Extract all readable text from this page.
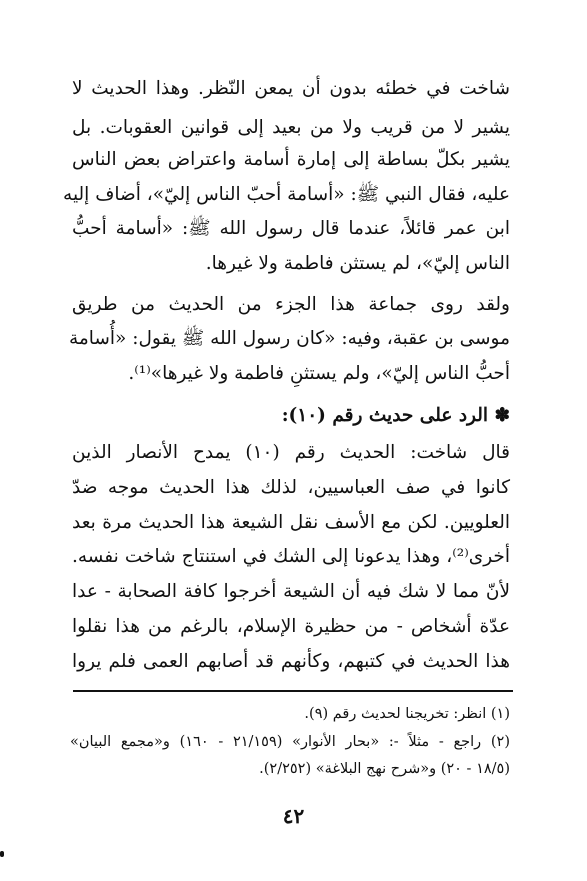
شاخت في خطئه بدون أن يمعن النّظر. وهذا الحديث لا
يشير لا من قريب ولا من بعيد إلى قوانين العقوبات. بل
يشير بكلّ بساطة إلى إمارة أسامة واعتراض بعض الناس
عليه، فقال النبي ﷺ: «أسامة أحبّ الناس إليّ»، أضاف إليه
ابن عمر قائلاً، عندما قال رسول الله ﷺ: «أسامة أحبُّ
الناس إليّ»، لم يستثن فاطمة ولا غيرها.
ولقد روى جماعة هذا الجزء من الحديث من طريق
موسى بن عقبة، وفيه: «كان رسول الله ﷺ يقول: «أُسامة
أحبُّ الناس إليّ»، ولم يستثنِ فاطمة ولا غيرها»⁽¹⁾.
✽ الرد على حديث رقم (١٠):
قال شاخت: الحديث رقم (١٠) يمدح الأنصار الذين
كانوا في صف العباسيين، لذلك هذا الحديث موجه ضدّ
العلويين. لكن مع الأسف نقل الشيعة هذا الحديث مرة بعد
أخرى⁽²⁾، وهذا يدعونا إلى الشك في استنتاج شاخت نفسه.
لأنّ مما لا شك فيه أن الشيعة أخرجوا كافة الصحابة - عدا
عدّة أشخاص - من حظيرة الإسلام، بالرغم من هذا نقلوا
هذا الحديث في كتبهم، وكأنهم قد أصابهم العمى فلم يروا
(١) انظر: تخريجنا لحديث رقم (٩).
(٢) راجع - مثلاً -: «بحار الأنوار» (٢١/١٥٩ - ١٦٠) و«مجمع البيان»
(١٨/٥ - ٢٠) و«شرح نهج البلاغة» (٢/٢٥٢).
٤٢
